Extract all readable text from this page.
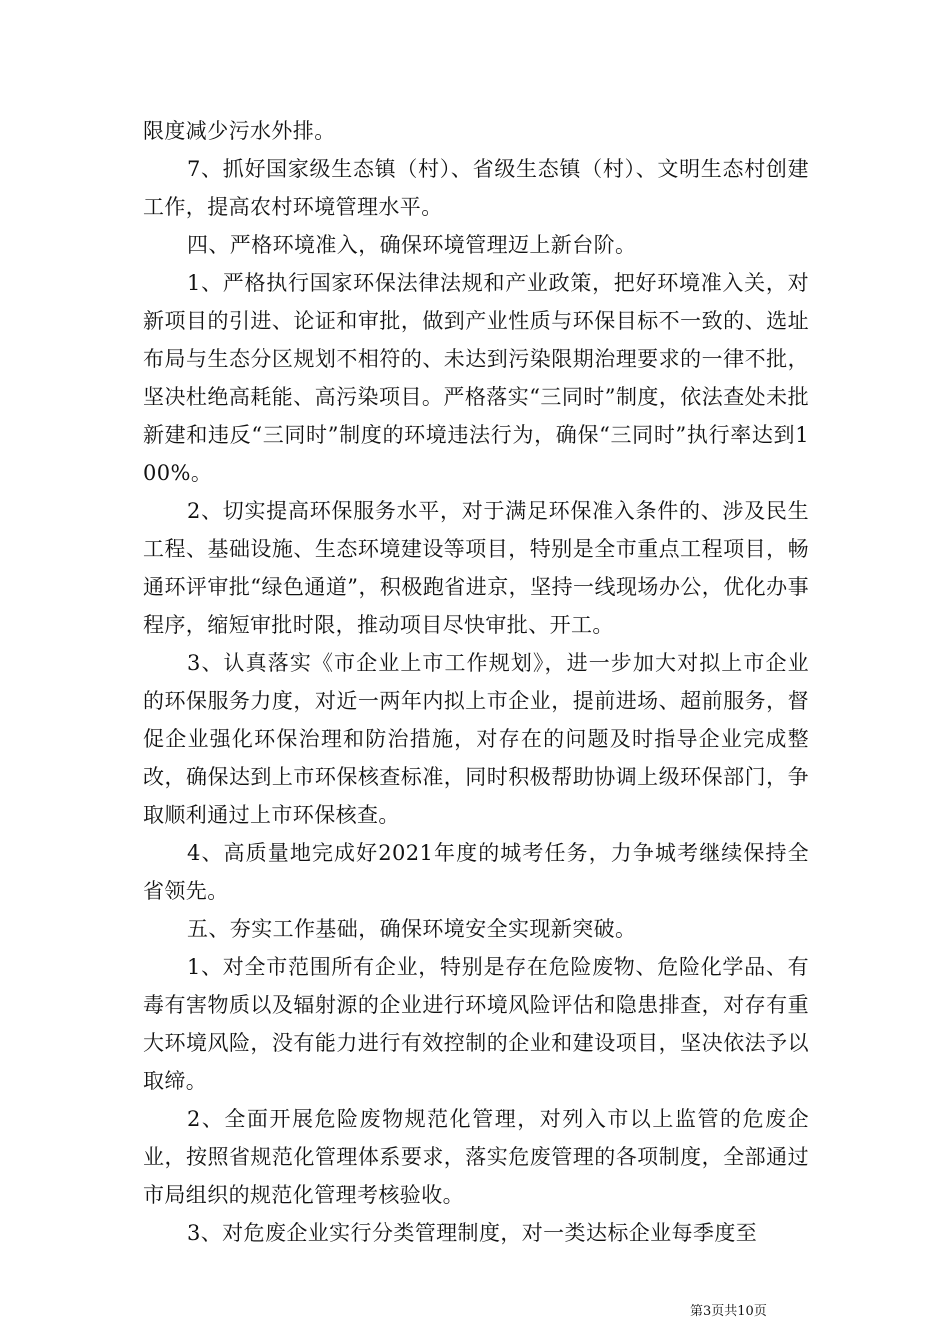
限度减少污水外排。

7、抓好国家级生态镇（村）、省级生态镇（村）、文明生态村创建工作，提高农村环境管理水平。

四、严格环境准入，确保环境管理迈上新台阶。

1、严格执行国家环保法律法规和产业政策，把好环境准入关，对新项目的引进、论证和审批，做到产业性质与环保目标不一致的、选址布局与生态分区规划不相符的、未达到污染限期治理要求的一律不批，坚决杜绝高耗能、高污染项目。严格落实“三同时”制度，依法查处未批新建和违反“三同时”制度的环境违法行为，确保“三同时”执行率达到100%。

2、切实提高环保服务水平，对于满足环保准入条件的、涉及民生工程、基础设施、生态环境建设等项目，特别是全市重点工程项目，畅通环评审批“绿色通道”，积极跑省进京，坚持一线现场办公，优化办事程序，缩短审批时限，推动项目尽快审批、开工。

3、认真落实《市企业上市工作规划》，进一步加大对拟上市企业的环保服务力度，对近一两年内拟上市企业，提前进场、超前服务，督促企业强化环保治理和防治措施，对存在的问题及时指导企业完成整改，确保达到上市环保核查标准，同时积极帮助协调上级环保部门，争取顺利通过上市环保核查。

4、高质量地完成好2021年度的城考任务，力争城考继续保持全省领先。

五、夯实工作基础，确保环境安全实现新突破。

1、对全市范围所有企业，特别是存在危险废物、危险化学品、有毒有害物质以及辐射源的企业进行环境风险评估和隐患排查，对存有重大环境风险，没有能力进行有效控制的企业和建设项目，坚决依法予以取缔。

2、全面开展危险废物规范化管理，对列入市以上监管的危废企业，按照省规范化管理体系要求，落实危废管理的各项制度，全部通过市局组织的规范化管理考核验收。

3、对危废企业实行分类管理制度，对一类达标企业每季度至

第3页共10页
